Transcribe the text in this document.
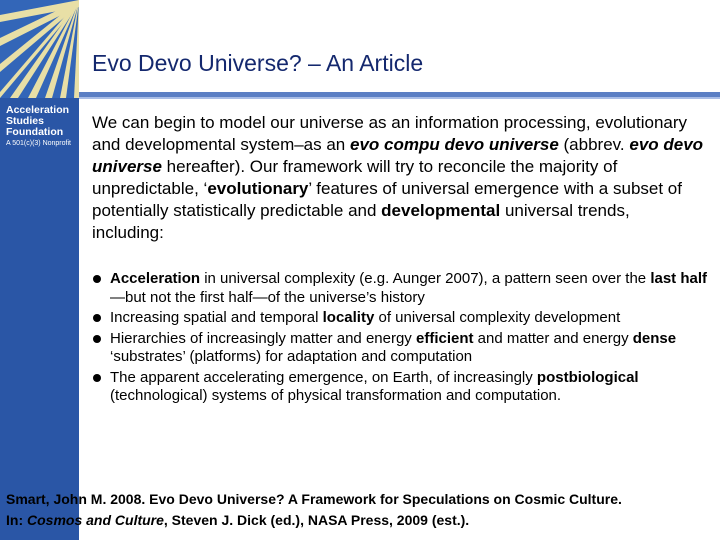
Acceleration
Studies
Foundation
A 501(c)(3) Nonprofit
Evo Devo Universe? – An Article
We can begin to model our universe as an information processing, evolutionary and developmental system–as an evo compu devo universe (abbrev. evo devo universe hereafter). Our framework will try to reconcile the majority of unpredictable, ‘evolutionary’ features of universal emergence with a subset of potentially statistically predictable and developmental universal trends, including:
Acceleration in universal complexity (e.g. Aunger 2007), a pattern seen over the last half—but not the first half—of the universe’s history
Increasing spatial and temporal locality of universal complexity development
Hierarchies of increasingly matter and energy efficient and matter and energy dense ‘substrates’ (platforms) for adaptation and computation
The apparent accelerating emergence, on Earth, of increasingly postbiological (technological) systems of physical transformation and computation.
Smart, John M. 2008. Evo Devo Universe? A Framework for Speculations on Cosmic Culture.
In: Cosmos and Culture, Steven J. Dick (ed.), NASA Press, 2009 (est.).
